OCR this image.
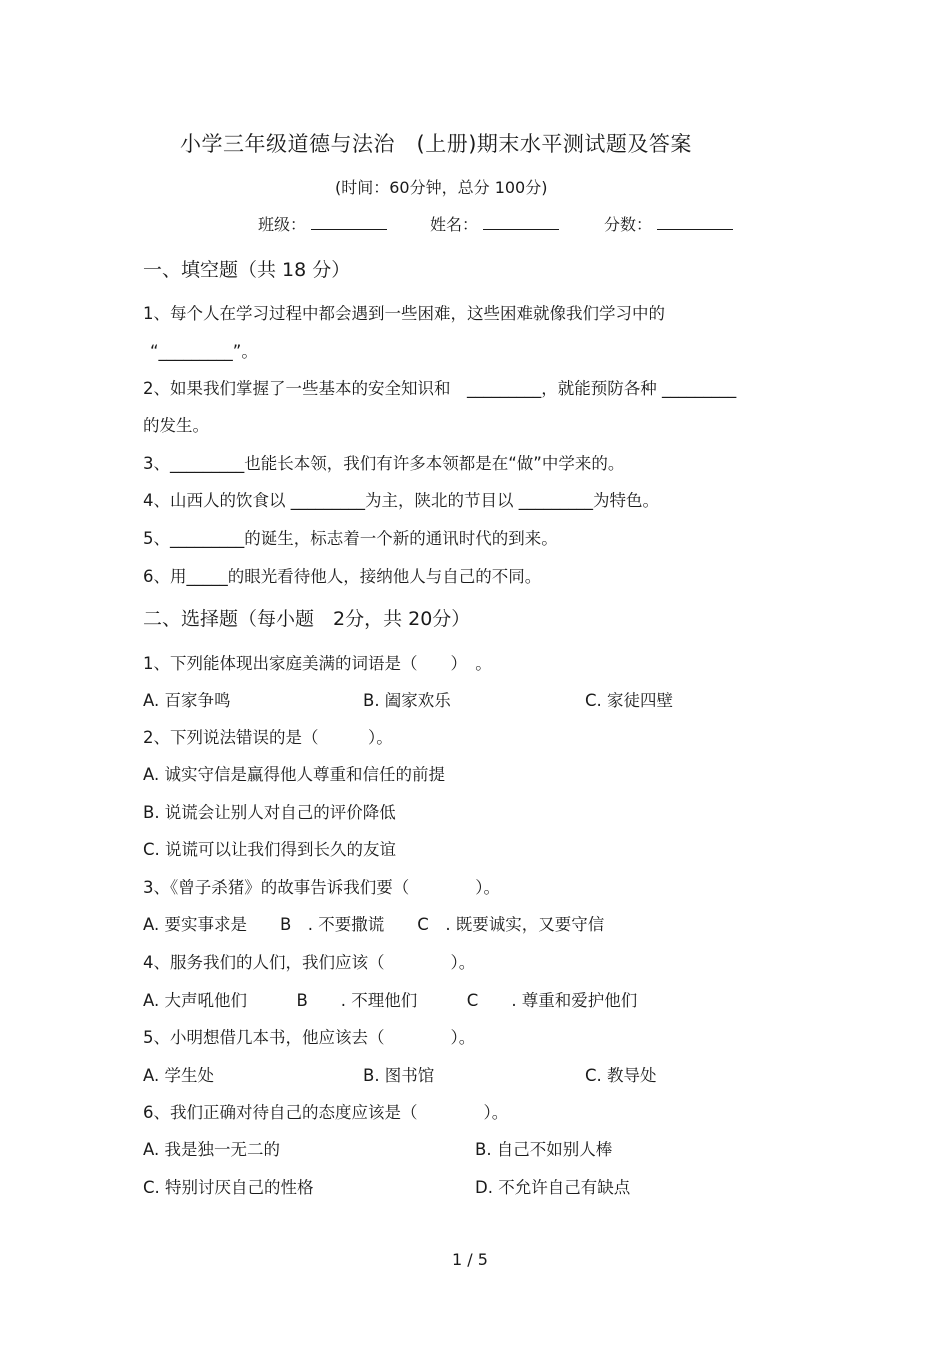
小学三年级道德与法治　(上册)期末水平测试题及答案
(时间：60分钟，总分 100分)
班级：	姓名：	分数：
一、填空题（共 18 分）
1、每个人在学习过程中都会遇到一些困难，这些困难就像我们学习中的
“_________”。
2、如果我们掌握了一些基本的安全知识和　_________，就能预防各种 _________
的发生。
3、_________也能长本领，我们有许多本领都是在“做”中学来的。
4、山西人的饮食以 _________为主，陕北的节目以 _________为特色。
5、_________的诞生，标志着一个新的通讯时代的到来。
6、用_____的眼光看待他人，接纳他人与自己的不同。
二、选择题（每小题　2分，共 20分）
1、下列能体现出家庭美满的词语是（　　）　。
A. 百家争鸣	B. 阖家欢乐	C. 家徒四壁
2、下列说法错误的是（　　　）。
A. 诚实守信是赢得他人尊重和信任的前提
B. 说谎会让别人对自己的评价降低
C. 说谎可以让我们得到长久的友谊
3、《曾子杀猪》的故事告诉我们要（　　　　）。
A. 要实事求是　　B　. 不要撒谎　　C　. 既要诚实，又要守信
4、服务我们的人们，我们应该（　　　　）。
A. 大声吼他们　　　B　　. 不理他们　　　C　　. 尊重和爱护他们
5、小明想借几本书，他应该去（　　　　）。
A. 学生处	B. 图书馆	C. 教导处
6、我们正确对待自己的态度应该是（　　　　）。
A. 我是独一无二的	B. 自己不如别人棒
C. 特别讨厌自己的性格	D. 不允许自己有缺点
1 / 5
